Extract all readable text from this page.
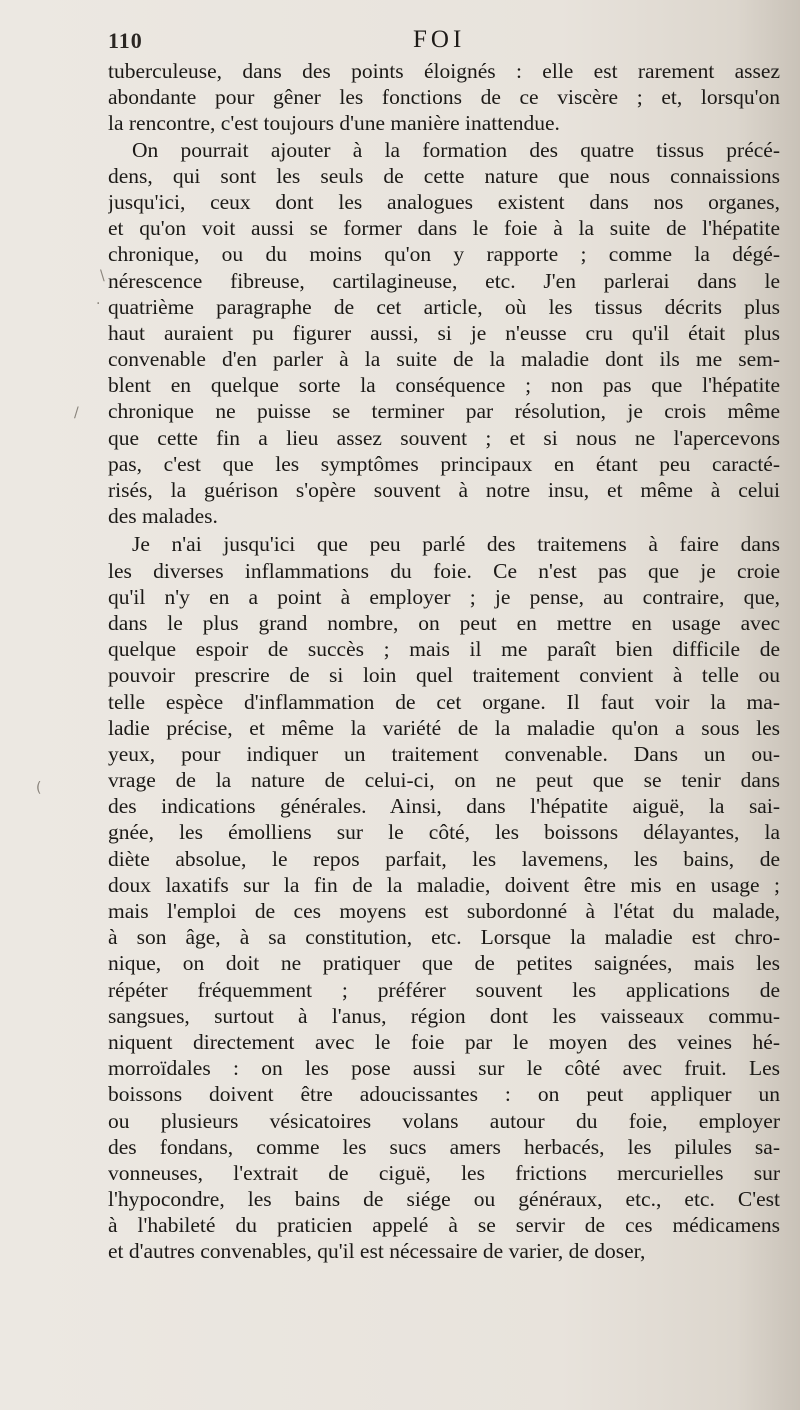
110	FOI
tuberculeuse, dans des points éloignés : elle est rarement assez
abondante pour gêner les fonctions de ce viscère ; et, lorsqu'on
la rencontre, c'est toujours d'une manière inattendue.
On pourrait ajouter à la formation des quatre tissus précé-
dens, qui sont les seuls de cette nature que nous connaissions
jusqu'ici, ceux dont les analogues existent dans nos organes,
et qu'on voit aussi se former dans le foie à la suite de l'hépatite
chronique, ou du moins qu'on y rapporte ; comme la dégé-
nérescence fibreuse, cartilagineuse, etc. J'en parlerai dans le
quatrième paragraphe de cet article, où les tissus décrits plus
haut auraient pu figurer aussi, si je n'eusse cru qu'il était plus
convenable d'en parler à la suite de la maladie dont ils me sem-
blent en quelque sorte la conséquence ; non pas que l'hépatite
chronique ne puisse se terminer par résolution, je crois même
que cette fin a lieu assez souvent ; et si nous ne l'apercevons
pas, c'est que les symptômes principaux en étant peu caracté-
risés, la guérison s'opère souvent à notre insu, et même à celui
des malades.
Je n'ai jusqu'ici que peu parlé des traitemens à faire dans
les diverses inflammations du foie. Ce n'est pas que je croie
qu'il n'y en a point à employer ; je pense, au contraire, que,
dans le plus grand nombre, on peut en mettre en usage avec
quelque espoir de succès ; mais il me paraît bien difficile de
pouvoir prescrire de si loin quel traitement convient à telle ou
telle espèce d'inflammation de cet organe. Il faut voir la ma-
ladie précise, et même la variété de la maladie qu'on a sous les
yeux, pour indiquer un traitement convenable. Dans un ou-
vrage de la nature de celui-ci, on ne peut que se tenir dans
des indications générales. Ainsi, dans l'hépatite aiguë, la sai-
gnée, les émolliens sur le côté, les boissons délayantes, la
diète absolue, le repos parfait, les lavemens, les bains, de
doux laxatifs sur la fin de la maladie, doivent être mis en usage ;
mais l'emploi de ces moyens est subordonné à l'état du malade,
à son âge, à sa constitution, etc. Lorsque la maladie est chro-
nique, on doit ne pratiquer que de petites saignées, mais les
répéter fréquemment ; préférer souvent les applications de
sangsues, surtout à l'anus, région dont les vaisseaux commu-
niquent directement avec le foie par le moyen des veines hé-
morroïdales : on les pose aussi sur le côté avec fruit. Les
boissons doivent être adoucissantes : on peut appliquer un
ou plusieurs vésicatoires volans autour du foie, employer
des fondans, comme les sucs amers herbacés, les pilules sa-
vonneuses, l'extrait de ciguë, les frictions mercurielles sur
l'hypocondre, les bains de siége ou généraux, etc., etc. C'est
à l'habileté du praticien appelé à se servir de ces médicamens
et d'autres convenables, qu'il est nécessaire de varier, de doser,
\
·
/
(
